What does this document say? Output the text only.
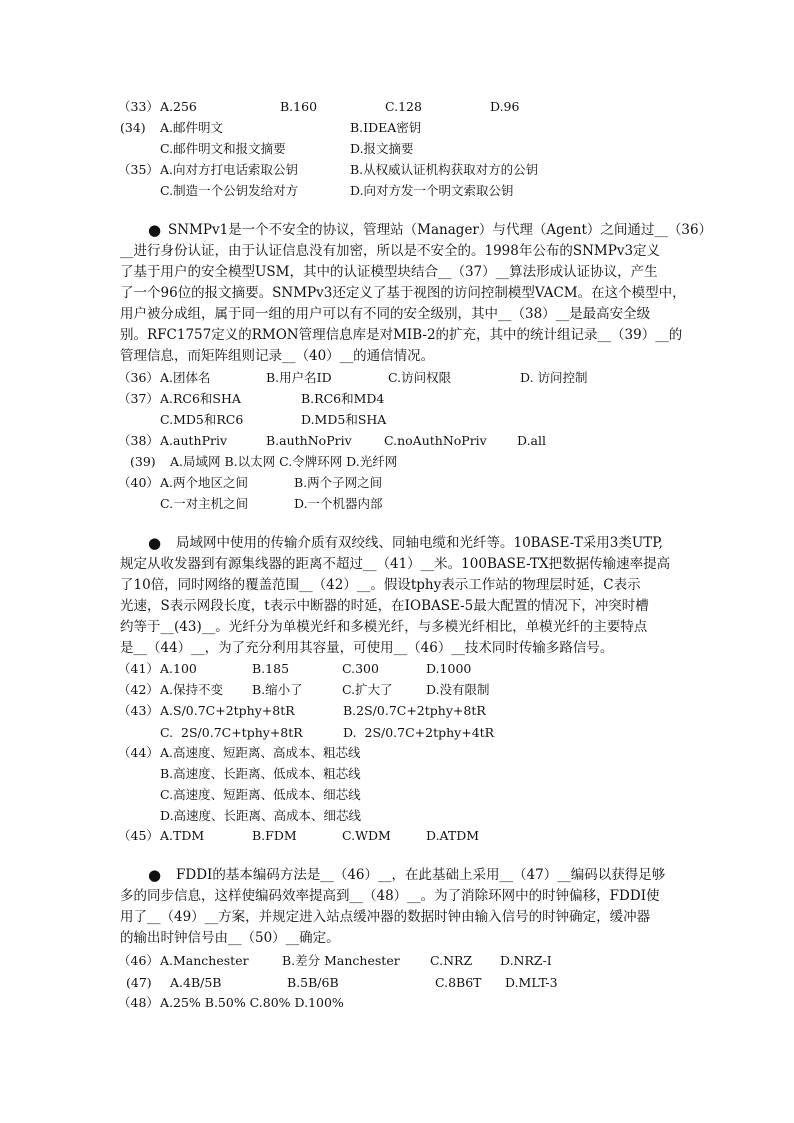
（33） A.256	B.160	C.128	D.96
(34) A.邮件明文	B.IDEA密钥
C.邮件明文和报文摘要	D.报文摘要
（35） A.向对方打电话索取公钥	B.从权威认证机构获取对方的公钥
C.制造一个公钥发给对方	D.向对方发一个明文索取公钥
● SNMPv1是一个不安全的协议，管理站（Manager）与代理（Agent）之间通过__（36）
__进行身份认证，由于认证信息没有加密，所以是不安全的。1998年公布的SNMPv3定义
了基于用户的安全模型USM，其中的认证模型块结合__（37）__算法形成认证协议，产生
了一个96位的报文摘要。SNMPv3还定义了基于视图的访问控制模型VACM。在这个模型中，
用户被分成组，属于同一组的用户可以有不同的安全级别，其中__（38）__是最高安全级
别。RFC1757定义的RMON管理信息库是对MIB-2的扩充，其中的统计组记录__（39）__的
管理信息，而矩阵组则记录__（40）__的通信情况。
（36） A.团体名	B.用户名ID	C.访问权限	D. 访问控制
（37） A.RC6和SHA	B.RC6和MD4
C.MD5和RC6	D.MD5和SHA
（38） A.authPriv	B.authNoPriv	C.noAuthNoPriv D.all
(39) A.局域网 B.以太网 C.令牌环网 D.光纤网
（40） A.两个地区之间	B.两个子网之间
C.一对主机之间	D.一个机器内部
● 局域网中使用的传输介质有双绞线、同轴电缆和光纤等。10BASE-T采用3类UTP,
规定从收发器到有源集线器的距离不超过__（41）__米。100BASE-TX把数据传输速率提高
了10倍，同时网络的覆盖范围__（42）__。假设tphy表示工作站的物理层时延，C表示
光速，S表示网段长度，t表示中断器的时延，在IOBASE-5最大配置的情况下，冲突时槽
约等于__(43)__。光纤分为单模光纤和多模光纤，与多模光纤相比，单模光纤的主要特点
是__（44）__，为了充分利用其容量，可使用__（46）__技术同时传输多路信号。
（41） A.100	B.185	C.300	D.1000
（42） A.保持不变 B.缩小了	C.扩大了	D.没有限制
（43） A.S/0.7C+2tphy+8tR	B.2S/0.7C+2tphy+8tR
C.  2S/0.7C+tphy+8tR	D.  2S/0.7C+2tphy+4tR
（44） A.高速度、短距离、高成本、粗芯线
B.高速度、长距离、低成本、粗芯线
C.高速度、短距离、低成本、细芯线
D.高速度、长距离、高成本、细芯线
（45） A.TDM	B.FDM	C.WDM	D.ATDM
● FDDI的基本编码方法是__（46）__，在此基础上采用__（47）__编码以获得足够
多的同步信息，这样使编码效率提高到__（48）__。为了消除环网中的时钟偏移，FDDI使
用了__（49）__方案，并规定进入站点缓冲器的数据时钟由输入信号的时钟确定，缓冲器
的输出时钟信号由__（50）__确定。
（46） A.Manchester	B.差分 Manchester C.NRZ D.NRZ-I
(47) A.4B/5B	B.5B/6B	C.8B6T D.MLT-3
（48） A.25% B.50% C.80% D.100%
